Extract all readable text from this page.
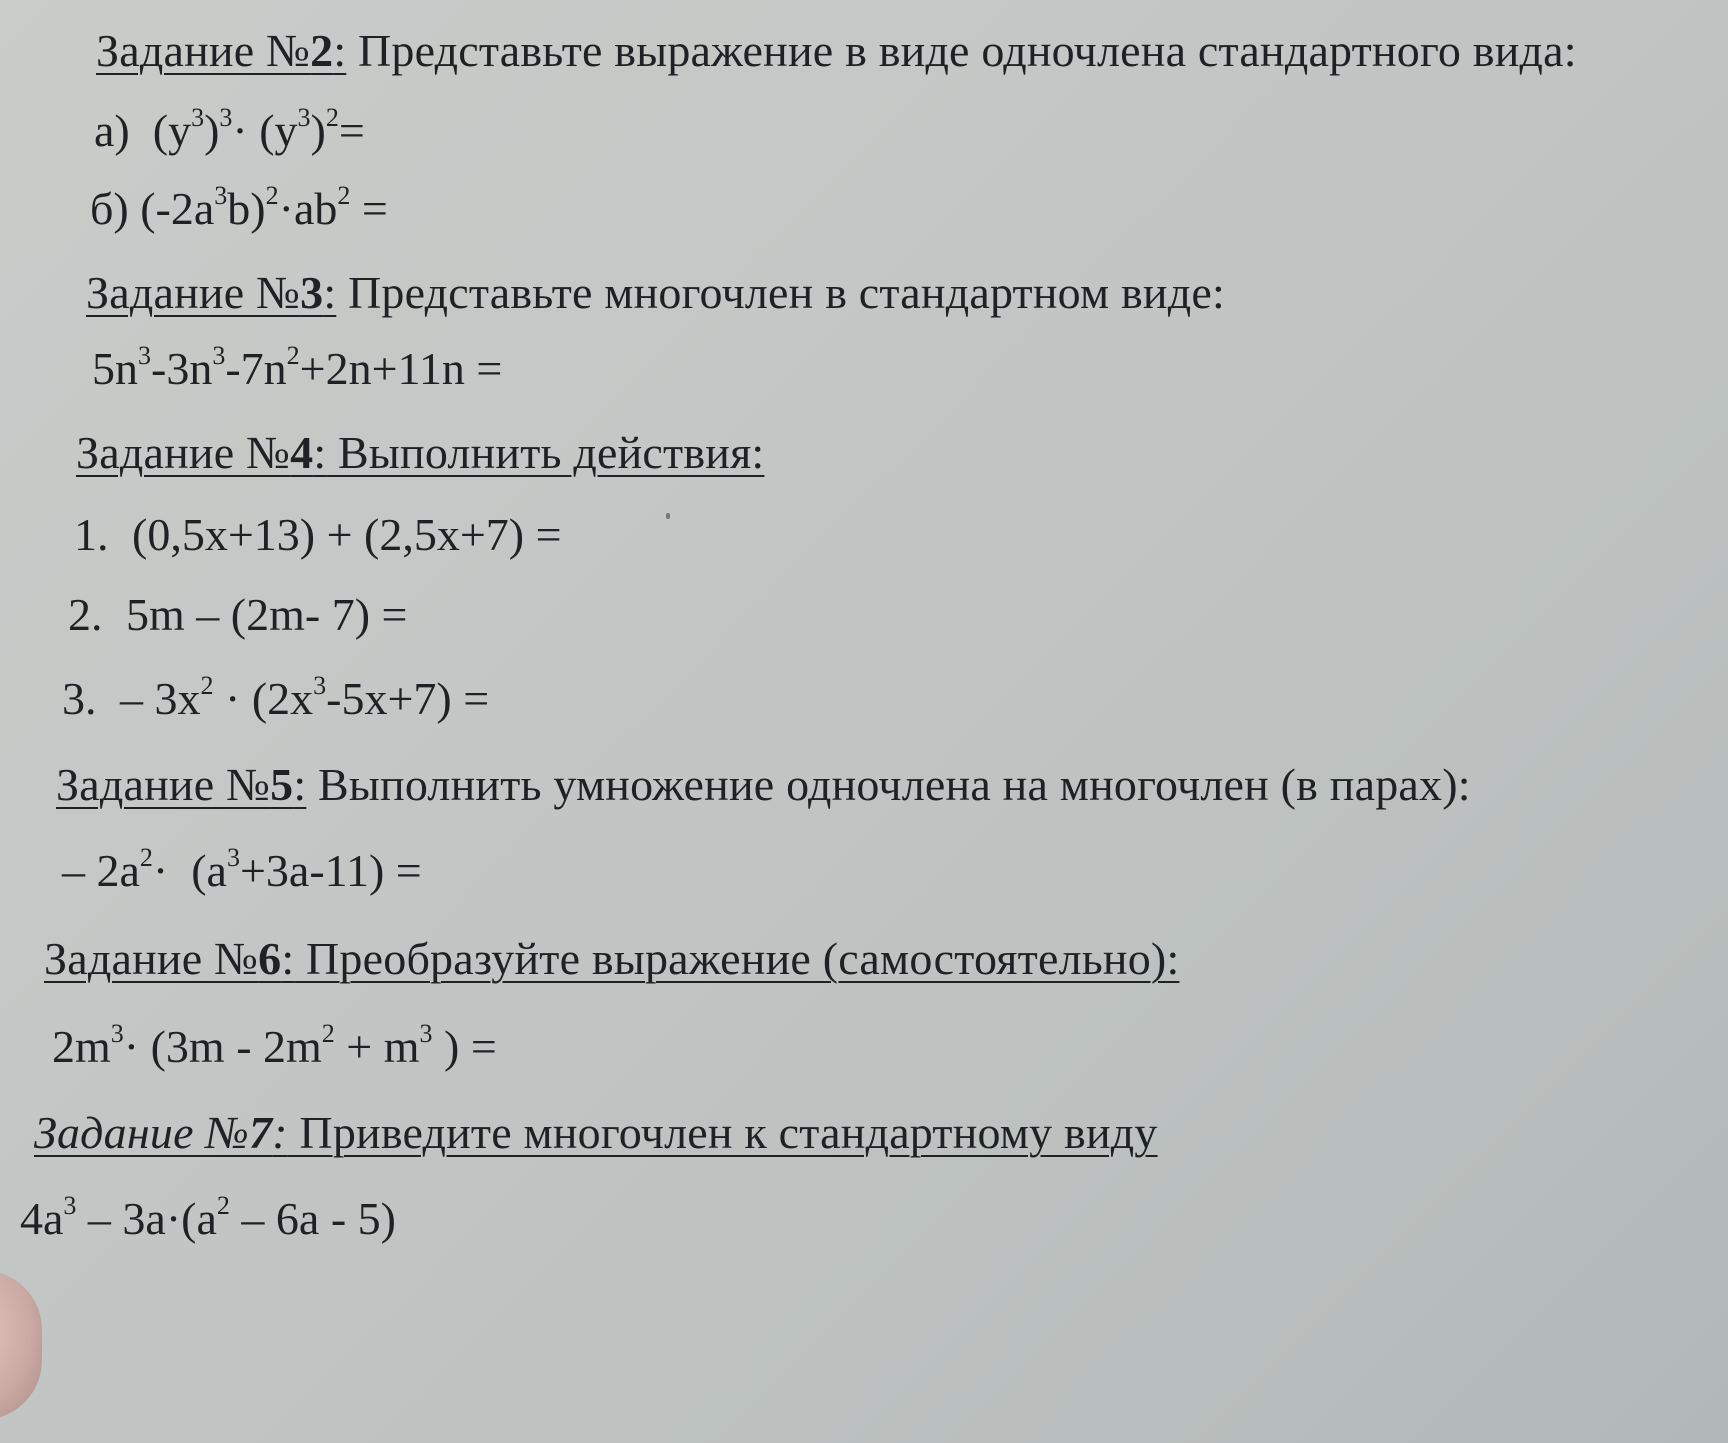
Задание №2: Представьте выражение в виде одночлена стандартного вида:
а)  $(y^3)^3\cdot (y^3)^2=$
б) $(-2a^3b)^2\cdot ab^2$ =
Задание №3: Представьте многочлен в стандартном виде:
$5n^3-3n^3-7n^2+2n+11n$ =
Задание №4: Выполнить действия:
1. (0,5x+13) + (2,5x+7) =
2. 5m – (2m- 7) =
3. – $3x^2 \cdot (2x^3-5x+7)$ =
Задание №5: Выполнить умножение одночлена на многочлен (в парах):
– $2a^2\cdot (a^3+3a-11)$ =
Задание №6: Преобразуйте выражение (самостоятельно):
$2m^3\cdot (3m - 2m^2 + m^3$ ) =
Задание №7: Приведите многочлен к стандартному виду
$4a^3 - 3a\cdot(a^2 - 6a - 5)$
